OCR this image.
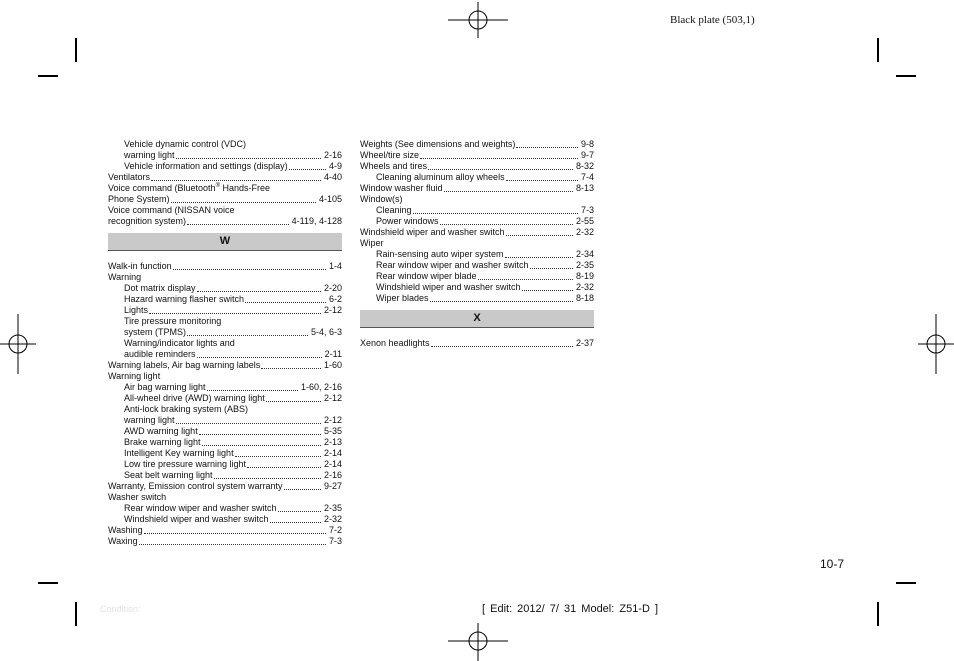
Black plate (503,1)
Vehicle dynamic control (VDC)
warning light	2-16
Vehicle information and settings (display)	4-9
Ventilators	4-40
Voice command (Bluetooth® Hands-Free
Phone System)	4-105
Voice command (NISSAN voice
recognition system)	4-119, 4-128
W
Walk-in function	1-4
Warning
Dot matrix display	2-20
Hazard warning flasher switch	6-2
Lights	2-12
Tire pressure monitoring
system (TPMS)	5-4, 6-3
Warning/indicator lights and
audible reminders	2-11
Warning labels, Air bag warning labels	1-60
Warning light
Air bag warning light	1-60, 2-16
All-wheel drive (AWD) warning light	2-12
Anti-lock braking system (ABS)
warning light	2-12
AWD warning light	5-35
Brake warning light	2-13
Intelligent Key warning light	2-14
Low tire pressure warning light	2-14
Seat belt warning light	2-16
Warranty, Emission control system warranty	9-27
Washer switch
Rear window wiper and washer switch	2-35
Windshield wiper and washer switch	2-32
Washing	7-2
Waxing	7-3
Weights (See dimensions and weights)	9-8
Wheel/tire size	9-7
Wheels and tires	8-32
Cleaning aluminum alloy wheels	7-4
Window washer fluid	8-13
Window(s)
Cleaning	7-3
Power windows	2-55
Windshield wiper and washer switch	2-32
Wiper
Rain-sensing auto wiper system	2-34
Rear window wiper and washer switch	2-35
Rear window wiper blade	8-19
Windshield wiper and washer switch	2-32
Wiper blades	8-18
X
Xenon headlights	2-37
10-7
Condition:	[ Edit: 2012/ 7/ 31 Model: Z51-D ]
